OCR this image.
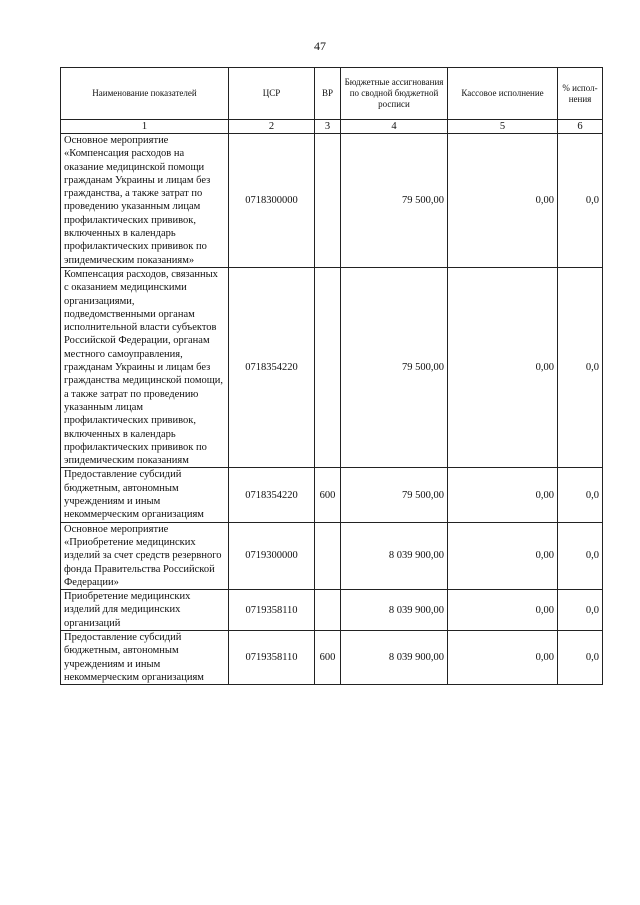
47
Наименование показателей	ЦСР	ВР	Бюджетные ассигнования по сводной бюджетной росписи	Кассовое исполнение	% испол-нения
1	2	3	4	5	6
Основное мероприятие «Компенсация расходов на оказание медицинской помощи гражданам Украины и лицам без гражданства, а также затрат по проведению указанным лицам профилактических прививок, включенных в календарь профилактических прививок по эпидемическим показаниям»	0718300000		79 500,00	0,00	0,0
Компенсация расходов, связанных с оказанием медицинскими организациями, подведомственными органам исполнительной власти субъектов Российской Федерации, органам местного самоуправления, гражданам Украины и лицам без гражданства медицинской помощи, а также затрат по проведению указанным лицам профилактических прививок, включенных в календарь профилактических прививок по эпидемическим показаниям	0718354220		79 500,00	0,00	0,0
Предоставление субсидий бюджетным, автономным учреждениям и иным некоммерческим организациям	0718354220	600	79 500,00	0,00	0,0
Основное мероприятие «Приобретение медицинских изделий за счет средств резервного фонда Правительства Российской Федерации»	0719300000		8 039 900,00	0,00	0,0
Приобретение медицинских изделий для медицинских организаций	0719358110		8 039 900,00	0,00	0,0
Предоставление субсидий бюджетным, автономным учреждениям и иным некоммерческим организациям	0719358110	600	8 039 900,00	0,00	0,0
